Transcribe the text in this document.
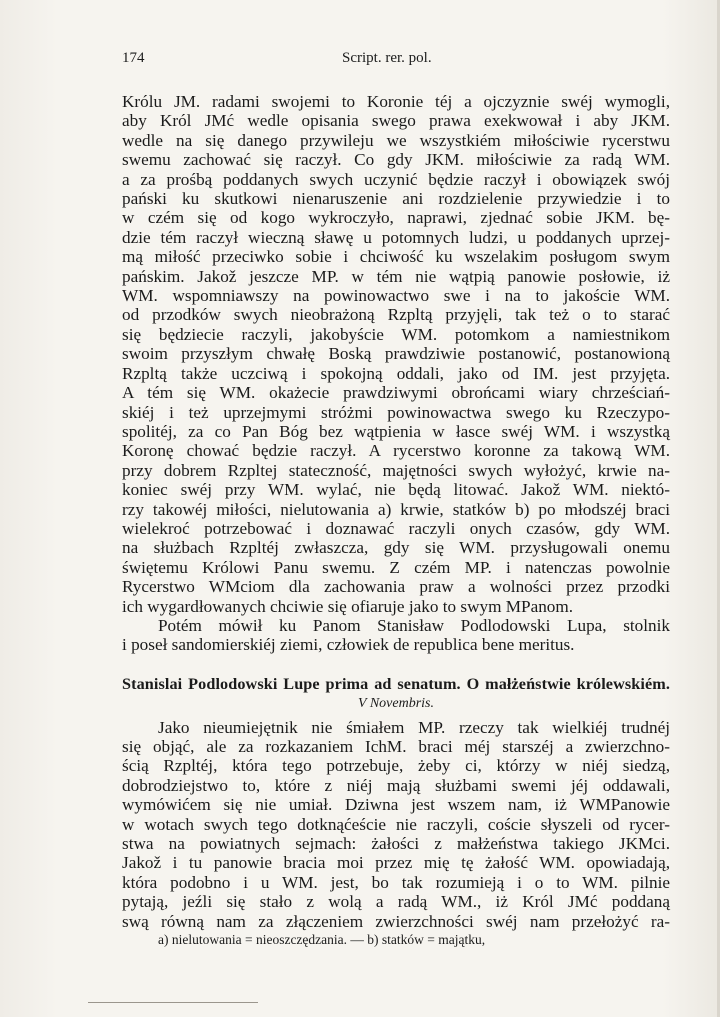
174	Script. rer. pol.
Królu JM. radami swojemi to Koronie téj a ojczyznie swéj wymogli,
aby Król JMć wedle opisania swego prawa exekwował i aby JKM.
wedle na się danego przywileju we wszystkiém miłościwie rycerstwu
swemu zachować się raczył. Co gdy JKM. miłościwie za radą WM.
a za prośbą poddanych swych uczynić będzie raczył i obowiązek swój
pański ku skutkowi nienaruszenie ani rozdzielenie przywiedzie i to
w czém się od kogo wykroczyło, naprawi, zjednać sobie JKM. bę-
dzie tém raczył wieczną sławę u potomnych ludzi, u poddanych uprzej-
mą miłość przeciwko sobie i chciwość ku wszelakim posługom swym
pańskim. Jakož jeszcze MP. w tém nie wątpią panowie posłowie, iż
WM. wspomniawszy na powinowactwo swe i na to jakoście WM.
od przodków swych nieobrażoną Rzpltą przyjęli, tak też o to starać
się będziecie raczyli, jakobyście WM. potomkom a namiestnikom
swoim przyszłym chwałę Boską prawdziwie postanowić, postanowioną
Rzpltą także uczciwą i spokojną oddali, jako od IM. jest przyjęta.
A tém się WM. okażecie prawdziwymi obrońcami wiary chrześciań-
skiéj i też uprzejmymi stróżmi powinowactwa swego ku Rzeczypo-
spolitéj, za co Pan Bóg bez wątpienia w łasce swéj WM. i wszystką
Koronę chować będzie raczył. A rycerstwo koronne za takową WM.
przy dobrem Rzpltej stateczność, majętności swych wyłożyć, krwie na-
koniec swéj przy WM. wylać, nie będą litować. Jakož WM. niektó-
rzy takowéj miłości, nielutowania a) krwie, statków b) po młodszéj braci
wielekroć potrzebować i doznawać raczyli onych czasów, gdy WM.
na służbach Rzpltéj zwłaszcza, gdy się WM. przysługowali onemu
świętemu Królowi Panu swemu. Z czém MP. i natenczas powolnie
Rycerstwo WMciom dla zachowania praw a wolności przez przodki
ich wygardłowanych chciwie się ofiaruje jako to swym MPanom.
Potém mówił ku Panom Stanisław Podlodowski Lupa, stolnik
i poseł sandomierskiéj ziemi, człowiek de republica bene meritus.
Stanislai Podlodowski Lupe prima ad senatum. O małżeństwie królewskiém.
V Novembris.
Jako nieumiejętnik nie śmiałem MP. rzeczy tak wielkiéj trudnéj
się objąć, ale za rozkazaniem IchM. braci méj starszéj a zwierzchno-
ścią Rzpltéj, która tego potrzebuje, żeby ci, którzy w niéj siedzą,
dobrodziejstwo to, które z niéj mają służbami swemi jéj oddawali,
wymówićem się nie umiał. Dziwna jest wszem nam, iż WMPanowie
w wotach swych tego dotknąćeście nie raczyli, coście słyszeli od rycer-
stwa na powiatnych sejmach: żałości z małżeństwa takiego JKMci.
Jakož i tu panowie bracia moi przez mię tę żałość WM. opowiadają,
która podobno i u WM. jest, bo tak rozumieją i o to WM. pilnie
pytają, jeźli się stało z wolą a radą WM., iż Król JMć poddaną
swą równą nam za złączeniem zwierzchności swéj nam przełożyć ra-
a) nielutowania = nieoszczędzania. — b) statków = majątku,
